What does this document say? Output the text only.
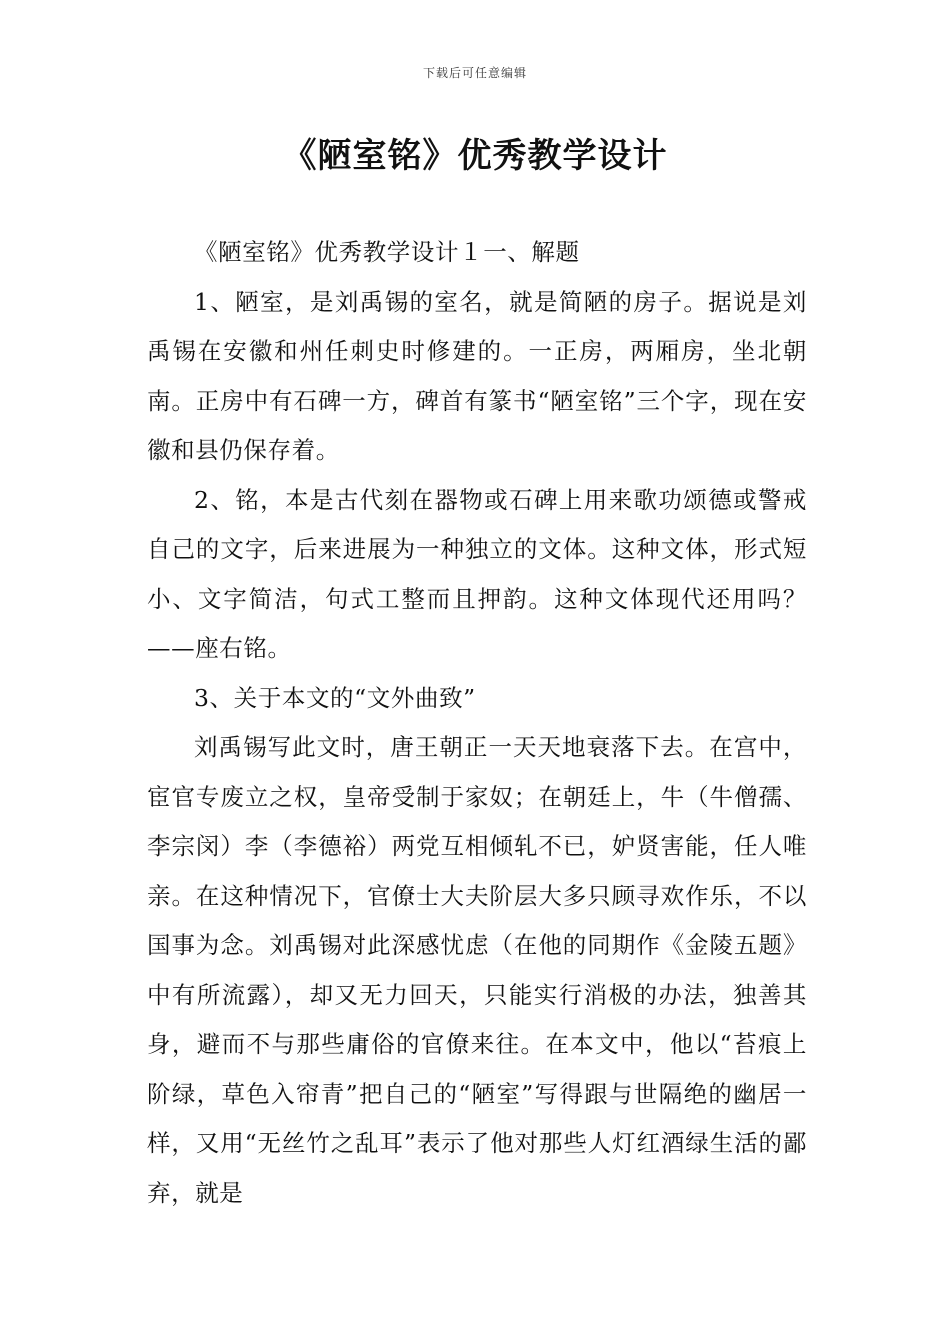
下载后可任意编辑
《陋室铭》优秀教学设计

《陋室铭》优秀教学设计１一、解题

1、陋室，是刘禹锡的室名，就是简陋的房子。据说是刘禹锡在安徽和州任刺史时修建的。一正房，两厢房，坐北朝南。正房中有石碑一方，碑首有篆书“陋室铭”三个字，现在安徽和县仍保存着。

2、铭，本是古代刻在器物或石碑上用来歌功颂德或警戒自己的文字，后来进展为一种独立的文体。这种文体，形式短小、文字简洁，句式工整而且押韵。这种文体现代还用吗？——座右铭。

3、关于本文的“文外曲致”

刘禹锡写此文时，唐王朝正一天天地衰落下去。在宫中，宦官专废立之权，皇帝受制于家奴；在朝廷上，牛（牛僧孺、李宗闵）李（李德裕）两党互相倾轧不已，妒贤害能，任人唯亲。在这种情况下，官僚士大夫阶层大多只顾寻欢作乐，不以国事为念。刘禹锡对此深感忧虑（在他的同期作《金陵五题》中有所流露），却又无力回天，只能实行消极的办法，独善其身，避而不与那些庸俗的官僚来往。在本文中，他以“苔痕上阶绿，草色入帘青”把自己的“陋室”写得跟与世隔绝的幽居一样，又用“无丝竹之乱耳”表示了他对那些人灯红酒绿生活的鄙弃，就是
